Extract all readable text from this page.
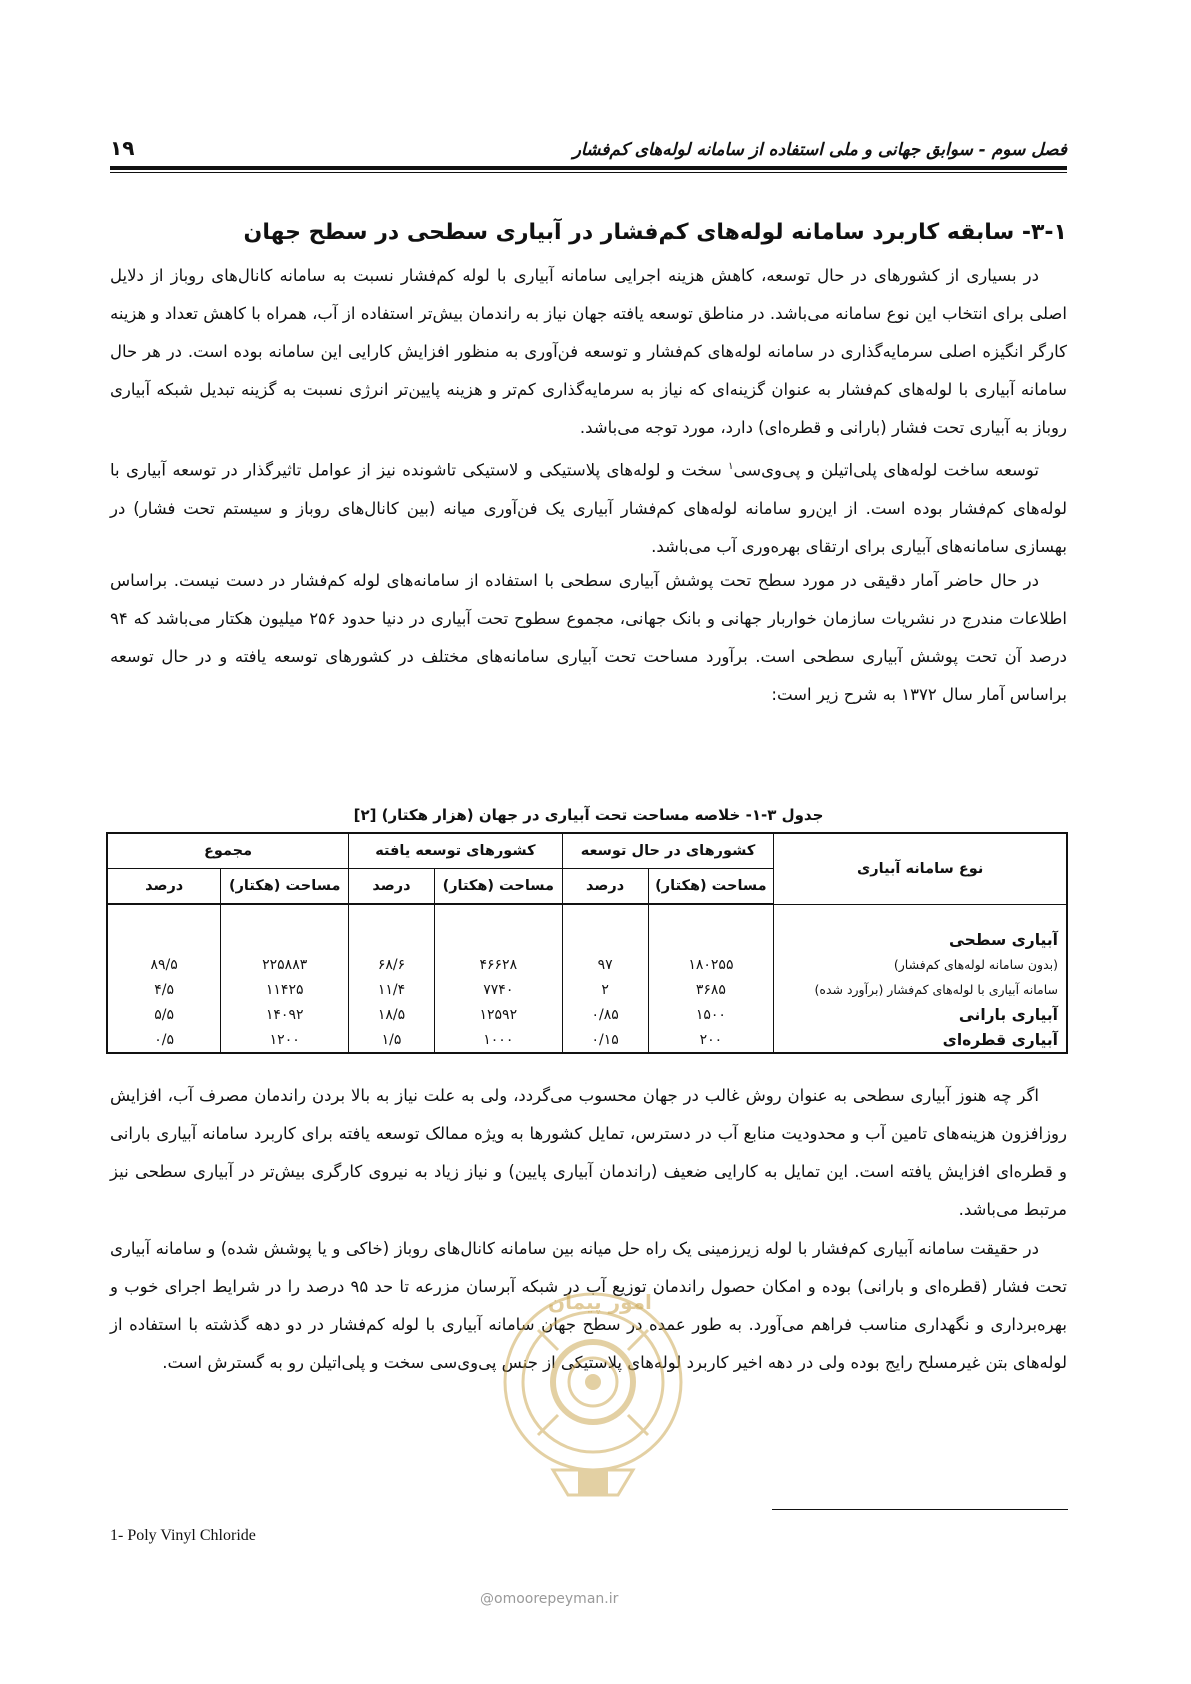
۱۹	فصل سوم - سوابق جهانی و ملی استفاده از سامانه لوله‌های کم‌فشار
۳-۱- سابقه کاربرد سامانه لوله‌های کم‌فشار در آبیاری سطحی در سطح جهان
در بسیاری از کشورهای در حال توسعه، کاهش هزینه اجرایی سامانه آبیاری با لوله کم‌فشار نسبت به سامانه کانال‌های روباز از دلایل اصلی برای انتخاب این نوع سامانه می‌باشد. در مناطق توسعه یافته جهان نیاز به راندمان بیش‌تر استفاده از آب، همراه با کاهش تعداد و هزینه کارگر انگیزه اصلی سرمایه‌گذاری در سامانه لوله‌های کم‌فشار و توسعه فن‌آوری به منظور افزایش کارایی این سامانه بوده است. در هر حال سامانه آبیاری با لوله‌های کم‌فشار به عنوان گزینه‌ای که نیاز به سرمایه‌گذاری کم‌تر و هزینه پایین‌تر انرژی نسبت به گزینه تبدیل شبکه آبیاری روباز به آبیاری تحت فشار (بارانی و قطره‌ای) دارد، مورد توجه می‌باشد.
توسعه ساخت لوله‌های پلی‌اتیلن و پی‌وی‌سی$^۱$ سخت و لوله‌های پلاستیکی و لاستیکی تاشونده نیز از عوامل تاثیرگذار در توسعه آبیاری با لوله‌های کم‌فشار بوده است. از این‌رو سامانه لوله‌های کم‌فشار آبیاری یک فن‌آوری میانه (بین کانال‌های روباز و سیستم تحت فشار) در بهسازی سامانه‌های آبیاری برای ارتقای بهره‌وری آب می‌باشد.
در حال حاضر آمار دقیقی در مورد سطح تحت پوشش آبیاری سطحی با استفاده از سامانه‌های لوله کم‌فشار در دست نیست. براساس اطلاعات مندرج در نشریات سازمان خواربار جهانی و بانک جهانی، مجموع سطوح تحت آبیاری در دنیا حدود ۲۵۶ میلیون هکتار می‌باشد که ۹۴ درصد آن تحت پوشش آبیاری سطحی است. برآورد مساحت تحت آبیاری سامانه‌های مختلف در کشورهای توسعه یافته و در حال توسعه براساس آمار سال ۱۳۷۲ به شرح زیر است:
جدول ۳-۱- خلاصه مساحت تحت آبیاری در جهان (هزار هکتار) [۲]
نوع سامانه آبیاری	کشورهای در حال توسعه		کشورهای توسعه یافته		مجموع	
	مساحت (هکتار)	درصد	مساحت (هکتار)	درصد	مساحت (هکتار)	درصد

آبیاری سطحی						
(بدون سامانه لوله‌های کم‌فشار)	۱۸۰۲۵۵	۹۷	۴۶۶۲۸	۶۸/۶	۲۲۵۸۸۳	۸۹/۵
سامانه آبیاری با لوله‌های کم‌فشار (برآورد شده)	۳۶۸۵	۲	۷۷۴۰	۱۱/۴	۱۱۴۲۵	۴/۵
آبیاری بارانی	۱۵۰۰	۰/۸۵	۱۲۵۹۲	۱۸/۵	۱۴۰۹۲	۵/۵
آبیاری قطره‌ای	۲۰۰	۰/۱۵	۱۰۰۰	۱/۵	۱۲۰۰	۰/۵
اگر چه هنوز آبیاری سطحی به عنوان روش غالب در جهان محسوب می‌گردد، ولی به علت نیاز به بالا بردن راندمان مصرف آب، افزایش روزافزون هزینه‌های تامین آب و محدودیت منابع آب در دسترس، تمایل کشورها به ویژه ممالک توسعه یافته برای کاربرد سامانه آبیاری بارانی و قطره‌ای افزایش یافته است. این تمایل به کارایی ضعیف (راندمان آبیاری پایین) و نیاز زیاد به نیروی کارگری بیش‌تر در آبیاری سطحی نیز مرتبط می‌باشد.
در حقیقت سامانه آبیاری کم‌فشار با لوله زیرزمینی یک راه حل میانه بین سامانه کانال‌های روباز (خاکی و یا پوشش شده) و سامانه آبیاری تحت فشار (قطره‌ای و بارانی) بوده و امکان حصول راندمان توزیع آب در شبکه آبرسان مزرعه تا حد ۹۵ درصد را در شرایط اجرای خوب و بهره‌برداری و نگهداری مناسب فراهم می‌آورد. به طور عمده در سطح جهان سامانه آبیاری با لوله کم‌فشار در دو دهه گذشته با استفاده از لوله‌های بتن غیرمسلح رایج بوده ولی در دهه اخیر کاربرد لوله‌های پلاستیکی از جنس پی‌وی‌سی سخت و پلی‌اتیلن رو به گسترش است.
امور پیمان
1- Poly Vinyl Chloride
@omoorepeyman.ir
